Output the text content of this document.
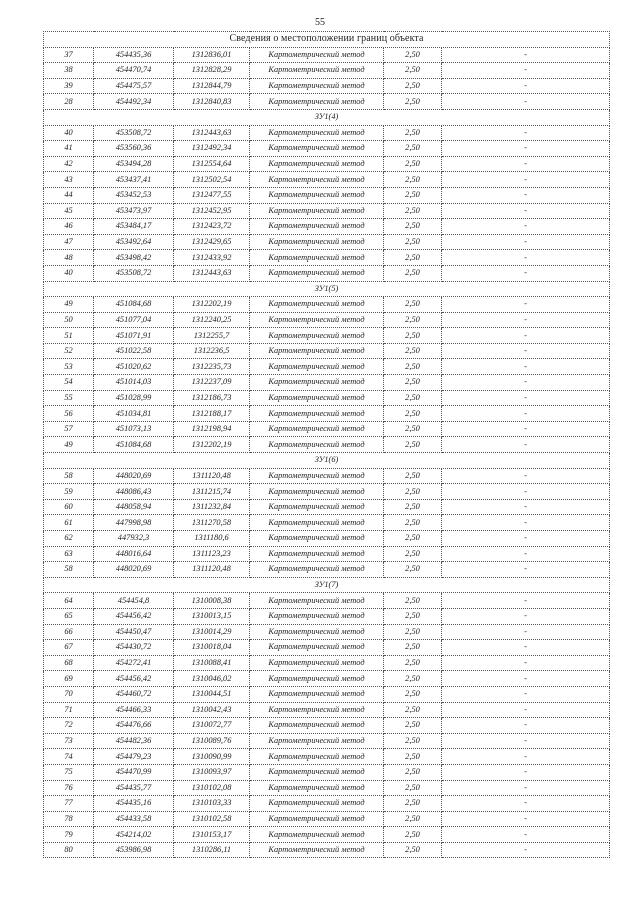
55
Сведения о местоположении границ объекта					
37	454435,36	1312836,01	Картометрический метод	2,50	-
38	454470,74	1312828,29	Картометрический метод	2,50	-
39	454475,57	1312844,79	Картометрический метод	2,50	-
28	454492,34	1312840,83	Картометрический метод	2,50	-
ЗУ1(4)					
40	453508,72	1312443,63	Картометрический метод	2,50	-
41	453560,36	1312492,34	Картометрический метод	2,50	-
42	453494,28	1312554,64	Картометрический метод	2,50	-
43	453437,41	1312502,54	Картометрический метод	2,50	-
44	453452,53	1312477,55	Картометрический метод	2,50	-
45	453473,97	1312452,95	Картометрический метод	2,50	-
46	453484,17	1312423,72	Картометрический метод	2,50	-
47	453492,64	1312429,65	Картометрический метод	2,50	-
48	453498,42	1312433,92	Картометрический метод	2,50	-
40	453508,72	1312443,63	Картометрический метод	2,50	-
ЗУ1(5)					
49	451084,68	1312202,19	Картометрический метод	2,50	-
50	451077,04	1312240,25	Картометрический метод	2,50	-
51	451071,91	1312255,7	Картометрический метод	2,50	-
52	451022,58	1312236,5	Картометрический метод	2,50	-
53	451020,62	1312235,73	Картометрический метод	2,50	-
54	451014,03	1312237,09	Картометрический метод	2,50	-
55	451028,99	1312186,73	Картометрический метод	2,50	-
56	451034,81	1312188,17	Картометрический метод	2,50	-
57	451073,13	1312198,94	Картометрический метод	2,50	-
49	451084,68	1312202,19	Картометрический метод	2,50	-
ЗУ1(6)					
58	448020,69	1311120,48	Картометрический метод	2,50	-
59	448086,43	1311215,74	Картометрический метод	2,50	-
60	448058,94	1311232,84	Картометрический метод	2,50	-
61	447998,98	1311270,58	Картометрический метод	2,50	-
62	447932,3	1311180,6	Картометрический метод	2,50	-
63	448016,64	1311123,23	Картометрический метод	2,50	-
58	448020,69	1311120,48	Картометрический метод	2,50	-
ЗУ1(7)					
64	454454,8	1310008,38	Картометрический метод	2,50	-
65	454456,42	1310013,15	Картометрический метод	2,50	-
66	454450,47	1310014,29	Картометрический метод	2,50	-
67	454430,72	1310018,04	Картометрический метод	2,50	-
68	454272,41	1310088,41	Картометрический метод	2,50	-
69	454456,42	1310046,02	Картометрический метод	2,50	-
70	454460,72	1310044,51	Картометрический метод	2,50	-
71	454466,33	1310042,43	Картометрический метод	2,50	-
72	454476,66	1310072,77	Картометрический метод	2,50	-
73	454482,36	1310089,76	Картометрический метод	2,50	-
74	454479,23	1310090,99	Картометрический метод	2,50	-
75	454470,99	1310093,97	Картометрический метод	2,50	-
76	454435,77	1310102,08	Картометрический метод	2,50	-
77	454435,16	1310103,33	Картометрический метод	2,50	-
78	454433,58	1310102,58	Картометрический метод	2,50	-
79	454214,02	1310153,17	Картометрический метод	2,50	-
80	453986,98	1310286,11	Картометрический метод	2,50	-
